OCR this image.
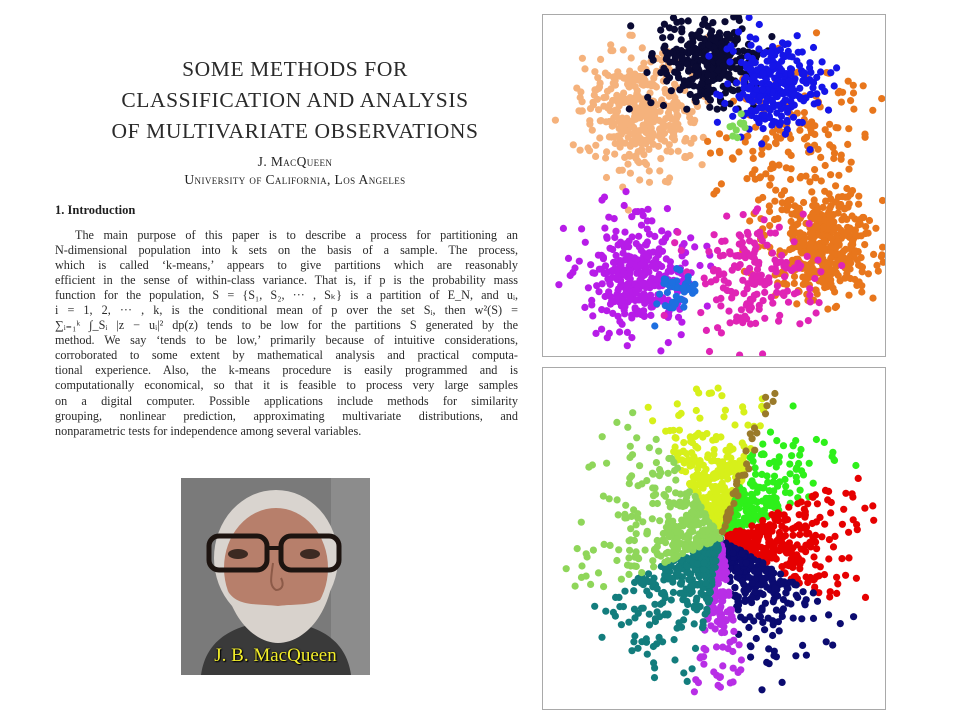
SOME METHODS FOR
CLASSIFICATION AND ANALYSIS
OF MULTIVARIATE OBSERVATIONS
J. MacQueen
University of California, Los Angeles
1. Introduction
The main purpose of this paper is to describe a process for partitioning an
N-dimensional population into k sets on the basis of a sample. The process,
which is called ‘k-means,’ appears to give partitions which are reasonably
efficient in the sense of within-class variance. That is, if p is the probability mass
function for the population, S = {S₁, S₂, ··· , Sₖ} is a partition of E_N, and uᵢ,
i = 1, 2, ··· , k, is the conditional mean of p over the set Sᵢ, then w²(S) =
∑ᵢ₌₁ᵏ ∫_Sᵢ |z − uᵢ|² dp(z) tends to be low for the partitions S generated by the
method. We say ‘tends to be low,’ primarily because of intuitive considerations,
corroborated to some extent by mathematical analysis and practical computa-
tional experience. Also, the k-means procedure is easily programmed and is
computationally economical, so that it is feasible to process very large samples
on a digital computer. Possible applications include methods for similarity
grouping, nonlinear prediction, approximating multivariate distributions, and
nonparametric tests for independence among several variables.
J. B. MacQueen
